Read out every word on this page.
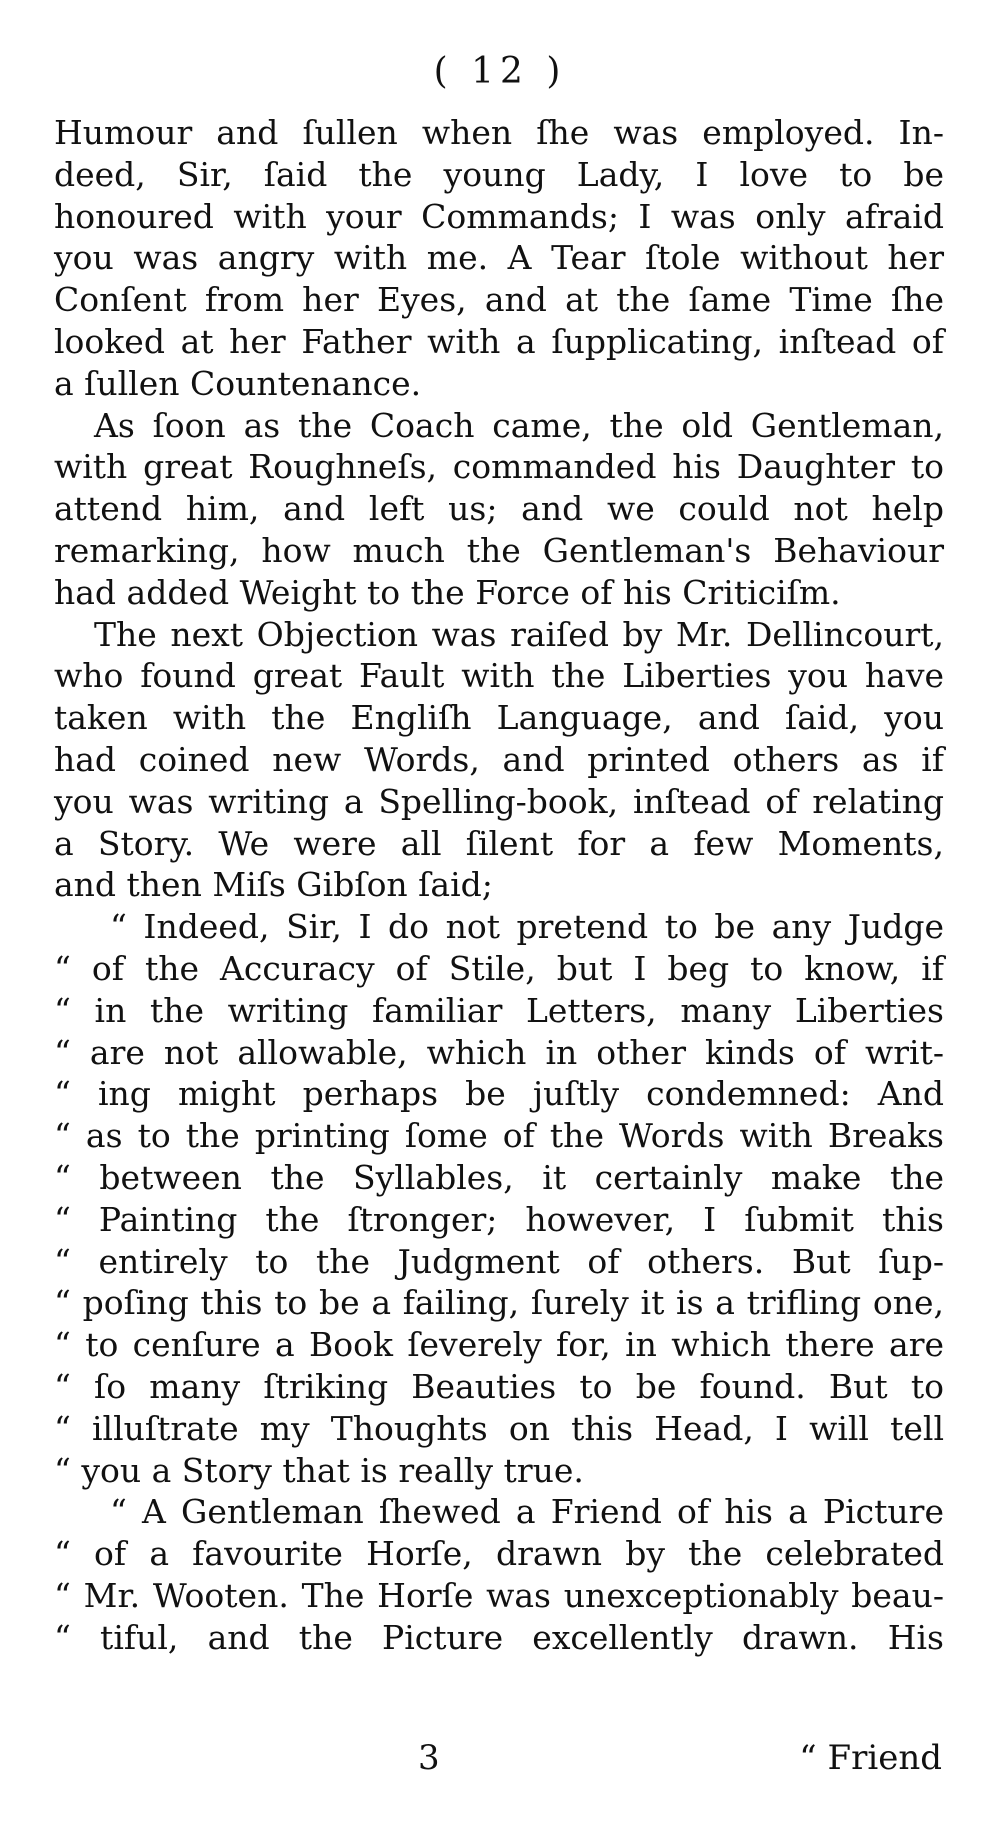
( 12 )
Humour and ſullen when ſhe was employed. In-
deed, Sir, ſaid the young Lady, I love to be
honoured with your Commands; I was only afraid
you was angry with me. A Tear ſtole without her
Conſent from her Eyes, and at the ſame Time ſhe
looked at her Father with a ſupplicating, inſtead of
a ſullen Countenance.
As ſoon as the Coach came, the old Gentleman,
with great Roughneſs, commanded his Daughter to
attend him, and left us; and we could not help
remarking, how much the Gentleman's Behaviour
had added Weight to the Force of his Criticiſm.
The next Objection was raiſed by Mr. Dellincourt,
who found great Fault with the Liberties you have
taken with the Engliſh Language, and ſaid, you
had coined new Words, and printed others as if
you was writing a Spelling-book, inſtead of relating
a Story. We were all ſilent for a few Moments,
and then Miſs Gibſon ſaid;
“ Indeed, Sir, I do not pretend to be any Judge
“ of the Accuracy of Stile, but I beg to know, if
“ in the writing familiar Letters, many Liberties
“ are not allowable, which in other kinds of writ-
“ ing might perhaps be juſtly condemned: And
“ as to the printing ſome of the Words with Breaks
“ between the Syllables, it certainly make the
“ Painting the ſtronger; however, I ſubmit this
“ entirely to the Judgment of others. But ſup-
“ poſing this to be a failing, ſurely it is a trifling one,
“ to cenſure a Book ſeverely for, in which there are
“ ſo many ſtriking Beauties to be found. But to
“ illuſtrate my Thoughts on this Head, I will tell
“ you a Story that is really true.
“ A Gentleman ſhewed a Friend of his a Picture
“ of a favourite Horſe, drawn by the celebrated
“ Mr. Wooten. The Horſe was unexceptionably beau-
“ tiful, and the Picture excellently drawn. His
3	“ Friend
